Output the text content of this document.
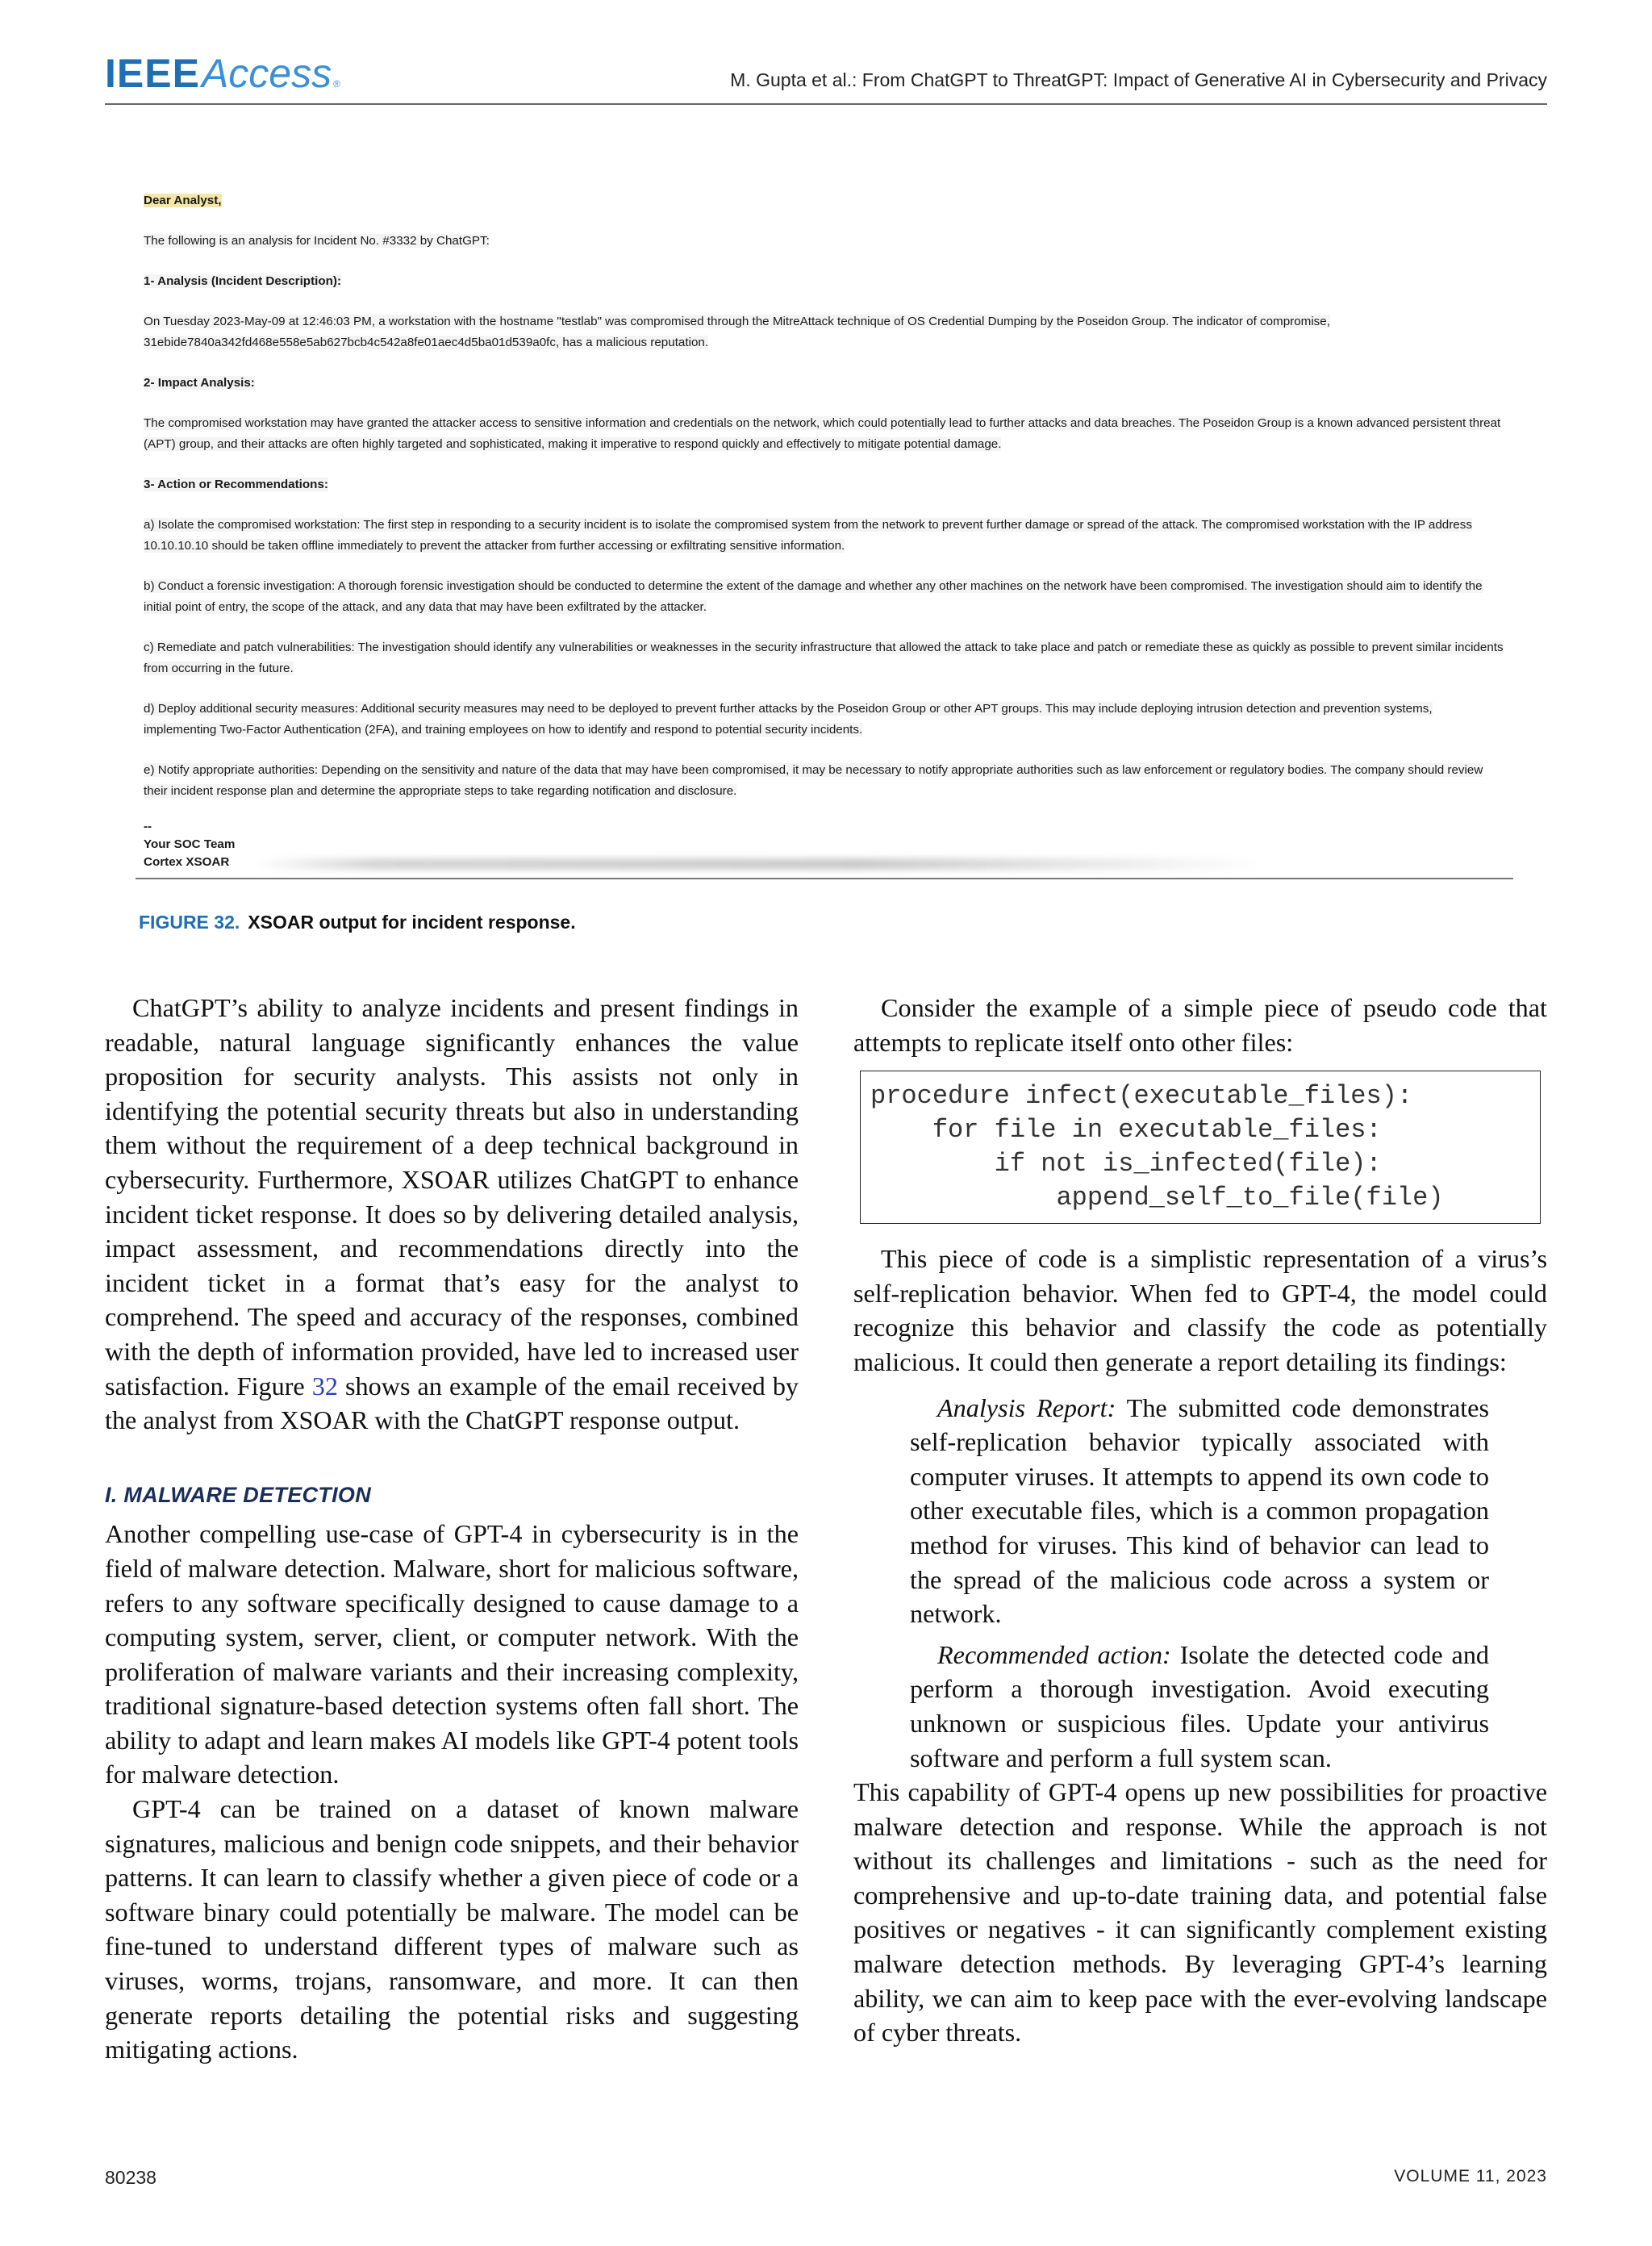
IEEE Access ®	M. Gupta et al.: From ChatGPT to ThreatGPT: Impact of Generative AI in Cybersecurity and Privacy

Dear Analyst,

The following is an analysis for Incident No. #3332 by ChatGPT:

1- Analysis (Incident Description):

On Tuesday 2023-May-09 at 12:46:03 PM, a workstation with the hostname "testlab" was compromised through the MitreAttack technique of OS Credential Dumping by the Poseidon Group. The indicator of compromise, 31ebide7840a342fd468e558e5ab627bcb4c542a8fe01aec4d5ba01d539a0fc, has a malicious reputation.

2- Impact Analysis:

The compromised workstation may have granted the attacker access to sensitive information and credentials on the network, which could potentially lead to further attacks and data breaches. The Poseidon Group is a known advanced persistent threat (APT) group, and their attacks are often highly targeted and sophisticated, making it imperative to respond quickly and effectively to mitigate potential damage.

3- Action or Recommendations:

a) Isolate the compromised workstation: The first step in responding to a security incident is to isolate the compromised system from the network to prevent further damage or spread of the attack. The compromised workstation with the IP address 10.10.10.10 should be taken offline immediately to prevent the attacker from further accessing or exfiltrating sensitive information.

b) Conduct a forensic investigation: A thorough forensic investigation should be conducted to determine the extent of the damage and whether any other machines on the network have been compromised. The investigation should aim to identify the initial point of entry, the scope of the attack, and any data that may have been exfiltrated by the attacker.

c) Remediate and patch vulnerabilities: The investigation should identify any vulnerabilities or weaknesses in the security infrastructure that allowed the attack to take place and patch or remediate these as quickly as possible to prevent similar incidents from occurring in the future.

d) Deploy additional security measures: Additional security measures may need to be deployed to prevent further attacks by the Poseidon Group or other APT groups. This may include deploying intrusion detection and prevention systems, implementing Two-Factor Authentication (2FA), and training employees on how to identify and respond to potential security incidents.

e) Notify appropriate authorities: Depending on the sensitivity and nature of the data that may have been compromised, it may be necessary to notify appropriate authorities such as law enforcement or regulatory bodies. The company should review their incident response plan and determine the appropriate steps to take regarding notification and disclosure.

--
Your SOC Team
Cortex XSOAR
FIGURE 32. XSOAR output for incident response.

ChatGPT’s ability to analyze incidents and present findings in readable, natural language significantly enhances the value proposition for security analysts. This assists not only in identifying the potential security threats but also in understanding them without the requirement of a deep technical background in cybersecurity. Furthermore, XSOAR utilizes ChatGPT to enhance incident ticket response. It does so by delivering detailed analysis, impact assessment, and recommendations directly into the incident ticket in a format that’s easy for the analyst to comprehend. The speed and accuracy of the responses, combined with the depth of information provided, have led to increased user satisfaction. Figure 32 shows an example of the email received by the analyst from XSOAR with the ChatGPT response output.

I. MALWARE DETECTION

Another compelling use-case of GPT-4 in cybersecurity is in the field of malware detection. Malware, short for malicious software, refers to any software specifically designed to cause damage to a computing system, server, client, or computer network. With the proliferation of malware variants and their increasing complexity, traditional signature-based detection systems often fall short. The ability to adapt and learn makes AI models like GPT-4 potent tools for malware detection.

GPT-4 can be trained on a dataset of known malware signatures, malicious and benign code snippets, and their behavior patterns. It can learn to classify whether a given piece of code or a software binary could potentially be malware. The model can be fine-tuned to understand different types of malware such as viruses, worms, trojans, ransomware, and more. It can then generate reports detailing the potential risks and suggesting mitigating actions.

Consider the example of a simple piece of pseudo code that attempts to replicate itself onto other files:

procedure infect(executable_files):
for file in executable_files:
if not is_infected(file):
append_self_to_file(file)

This piece of code is a simplistic representation of a virus’s self-replication behavior. When fed to GPT-4, the model could recognize this behavior and classify the code as potentially malicious. It could then generate a report detailing its findings:

Analysis Report: The submitted code demonstrates self-replication behavior typically associated with computer viruses. It attempts to append its own code to other executable files, which is a common propagation method for viruses. This kind of behavior can lead to the spread of the malicious code across a system or network.

Recommended action: Isolate the detected code and perform a thorough investigation. Avoid executing unknown or suspicious files. Update your antivirus software and perform a full system scan.

This capability of GPT-4 opens up new possibilities for proactive malware detection and response. While the approach is not without its challenges and limitations - such as the need for comprehensive and up-to-date training data, and potential false positives or negatives - it can significantly complement existing malware detection methods. By leveraging GPT-4’s learning ability, we can aim to keep pace with the ever-evolving landscape of cyber threats.

80238	VOLUME 11, 2023
